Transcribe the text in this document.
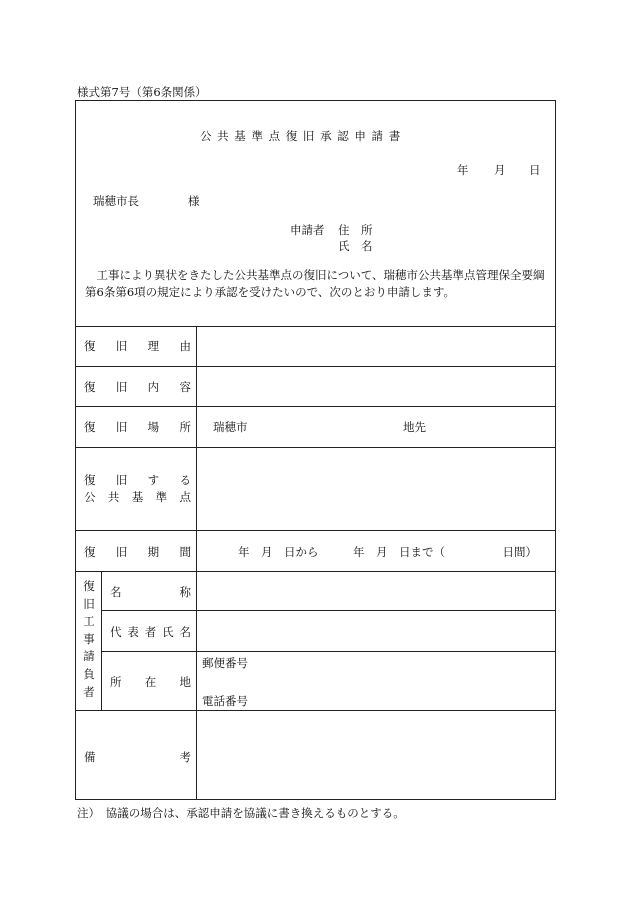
様式第7号（第6条関係）
公 共 基 準 点 復 旧 承 認 申 請 書
年 月 日
瑞穂市長	様
申請者 住　所
氏　名
　工事により異状をきたした公共基準点の復旧について、瑞穂市公共基準点管理保全要綱第6条第6項の規定により承認を受けたいので、次のとおり申請します。
復 旧 理 由
復 旧 内 容
復 旧 場 所 瑞穂市	地先
復 旧 す る
公 共 基 準 点
復 旧 期 間	年　月　日から　　　年　月　日まで（　　　　　日間）
復
旧
工
事
請
負
者
名	称
代 表 者 氏 名
所 在 地
郵便番号
電話番号
備	考
注）　協議の場合は、承認申請を協議に書き換えるものとする。
